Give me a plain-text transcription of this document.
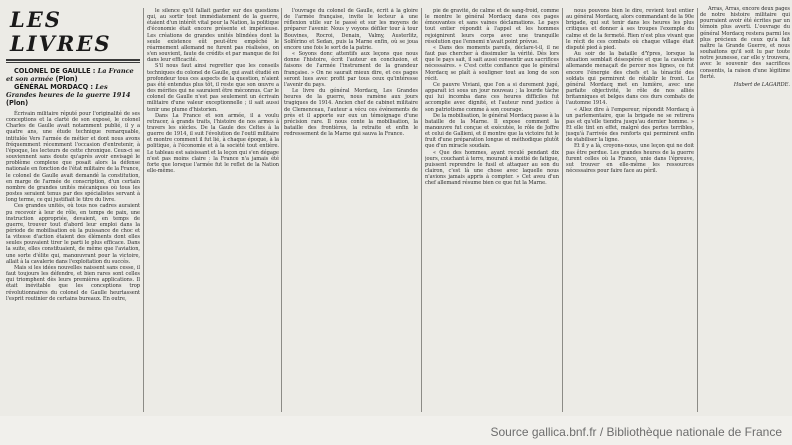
LES LIVRES

COLONEL DE GAULLE : La France et son armée (Plon)

GÉNÉRAL MORDACQ : Les Grandes heures de la guerre 1914 (Plon)

Écrivain militaire réputé pour l'originalité de ses conceptions et la clarté de son exposé, le colonel Charles de Gaulle avait notamment publié, il y a quatre ans, une étude technique remarquable, intitulée Vers l'armée de métier et dont nous avons fréquemment récemment l'occasion d'entretenir, à l'époque, les lecteurs de cette chronique. Ceux-ci se souviennent sans doute qu'après avoir envisagé le problème complexe que posait alors la défense nationale en fonction de l'état militaire de la France, le colonel de Gaulle avait demandé la constitution, en marge de l'armée de conscription, d'un certain nombre de grandes unités mécaniques où tous les postes seraient tenus par des spécialistes servant à long terme, ce qui justifiait le titre du livre.

Ces grandes unités, où tous nos cadres auraient pu recevoir à leur de rôle, en temps de paix, une instruction appropriée, devaient, en temps de guerre, trouver tout d'abord leur emploi dans la période de mobilisation où la puissance de choc et la vitesse d'action étaient des éléments dont elles seules pouvaient tirer le parti le plus efficace. Dans la suite, elles constituaient, de même que l'aviation, une sorte d'élite qui, manœuvrant pour la victoire, allait à la cavalerie dans l'exploitation du succès.

Mais si les idées nouvelles naissent sans cesse, il faut toujours les défendre, et bien rares sont celles qui triomphent dès leurs premières applications. Il était inévitable que les conceptions trop révolutionnaires du colonel de Gaulle heurtassent l'esprit routinier de certains bureaux. En outre,

le silence qu'il fallait garder sur des questions qui, au sortir tout immédiatement de la guerre, étaient d'un intérêt vital pour la Nation, la politique d'économie était encore présente et impérieuse. Les créations de grandes unités blindées dont la seule existence eût peut-être empêché le réarmement allemand ne furent pas réalisées, on s'en souvient, faute de crédits et par manque de foi dans leur efficacité.

S'il nous faut ainsi regretter que les conseils techniques du colonel de Gaulle, qui avait étudié en profondeur tous ces aspects de la question, n'aient pas été entendus plus tôt, il reste que son œuvre a des mérites qui ne sauraient être méconnus. Car le colonel de Gaulle n'est pas seulement un écrivain militaire d'une valeur exceptionnelle ; il sait aussi tenir une plume d'historien.

Dans La France et son armée, il a voulu retracer, à grands traits, l'histoire de nos armes à travers les siècles. De la Gaule des Celtes à la guerre de 1914, il suit l'évolution de l'outil militaire et montre comment il fut lié, à chaque époque, à la politique, à l'économie et à la société tout entière. Le tableau est saisissant et la leçon qui s'en dégage n'est pas moins claire : la France n'a jamais été forte que lorsque l'armée fut le reflet de la Nation elle-même.

l'ouvrage du colonel de Gaulle, écrit à la gloire de l'armée française, invite le lecteur à une réflexion utile sur le passé et sur les moyens de préparer l'avenir. Nous y voyons défiler tour à tour Bouvines, Rocroi, Denain, Valmy, Austerlitz, Solférino et Sedan, puis la Marne enfin, où se joua encore une fois le sort de la patrie.

« Soyons donc attentifs aux leçons que nous donne l'histoire, écrit l'auteur en conclusion, et faisons de l'armée l'instrument de la grandeur française. » On ne saurait mieux dire, et ces pages seront lues avec profit par tous ceux qu'intéresse l'avenir du pays.

Le livre du général Mordacq, Les Grandes heures de la guerre, nous ramène aux jours tragiques de 1914. Ancien chef de cabinet militaire de Clemenceau, l'auteur a vécu ces événements de près et il apporte sur eux un témoignage d'une précision rare. Il nous conte la mobilisation, la bataille des frontières, la retraite et enfin le redressement de la Marne qui sauva la France.

pie de gravité, de calme et de sang-froid, comme le montre le général Mordacq dans ces pages émouvantes et sans vaines déclamations. Le pays tout entier répondit à l'appel et les hommes rejoignirent leurs corps avec une tranquille résolution que l'ennemi n'avait point prévue.

« Dans des moments pareils, déclare-t-il, il ne faut pas chercher à dissimuler la vérité. Dès lors que le pays sait, il sait aussi consentir aux sacrifices nécessaires. » C'est cette confiance que le général Mordacq se plaît à souligner tout au long de son récit.

Ce pauvre Viviani, que l'on a si durement jugé, apparaît ici sous un jour nouveau ; la lourde tâche qui lui incomba dans ces heures difficiles fut accomplie avec dignité, et l'auteur rend justice à son patriotisme comme à son courage.

De la mobilisation, le général Mordacq passe à la bataille de la Marne. Il expose comment la manœuvre fut conçue et exécutée, le rôle de Joffre et celui de Gallieni, et il montre que la victoire fut le fruit d'une préparation longue et méthodique plutôt que d'un miracle soudain.

« Que des hommes, ayant reculé pendant dix jours, couchant à terre, mourant à moitié de fatigue, puissent reprendre le fusil et attaquer au son du clairon, c'est là une chose avec laquelle nous n'avions jamais appris à compter. » Cet aveu d'un chef allemand résume bien ce que fut la Marne.

nous pouvons bien le dire, revient tout entier au général Mordacq, alors commandant de la 90e brigade, qui sut tenir dans les heures les plus critiques et donner à ses troupes l'exemple du calme et de la fermeté. Rien n'est plus vivant que le récit de ces combats où chaque village était disputé pied à pied.

Au soir de la bataille d'Ypres, lorsque la situation semblait désespérée et que la cavalerie allemande menaçait de percer nos lignes, ce fut encore l'énergie des chefs et la ténacité des soldats qui permirent de rétablir le front. Le général Mordacq met en lumière, avec une parfaite objectivité, le rôle de nos alliés britanniques et belges dans ces durs combats de l'automne 1914.

« Allez dire à l'empereur, répondit Mordacq à un parlementaire, que la brigade ne se retirera pas et qu'elle tiendra jusqu'au dernier homme. » Et elle tint en effet, malgré des pertes terribles, jusqu'à l'arrivée des renforts qui permirent enfin de stabiliser la ligne.

Et il y a là, croyons-nous, une leçon qui ne doit pas être perdue. Les grandes heures de la guerre furent celles où la France, unie dans l'épreuve, sut trouver en elle-même les ressources nécessaires pour faire face au péril.

Arras, Arras, encore deux pages de notre histoire militaire qui pourraient avoir été écrites par un témoin plus averti. L'ouvrage du général Mordacq restera parmi les plus précieux de ceux qu'a fait naître la Grande Guerre, et nous souhaitons qu'il soit lu par toute notre jeunesse, car elle y trouvera, avec le souvenir des sacrifices consentis, la raison d'une légitime fierté.

Hubert de LAGARDE.
Source gallica.bnf.fr / Bibliothèque nationale de France
